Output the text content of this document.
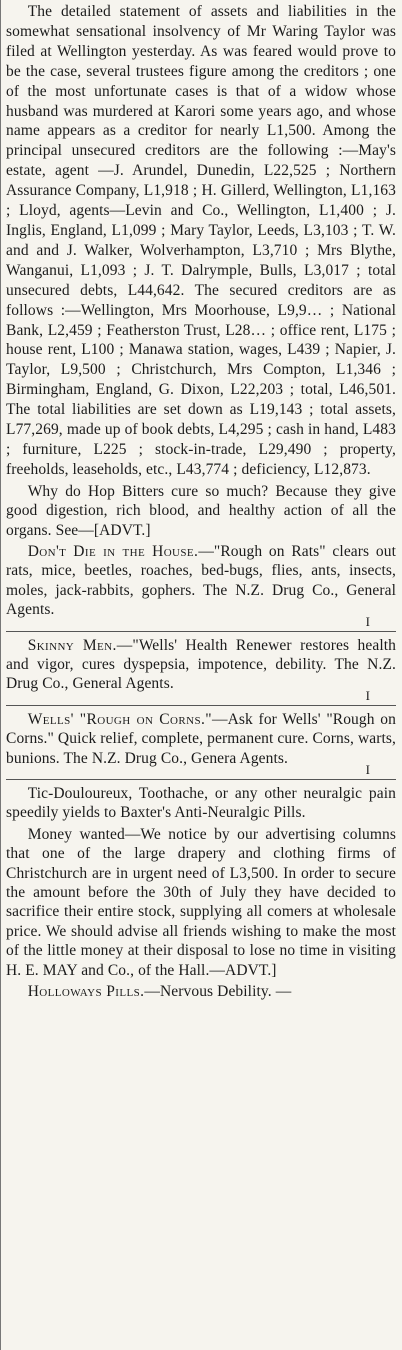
The detailed statement of assets and liabilities in the somewhat sensational insolvency of Mr Waring Taylor was filed at Wellington yesterday. As was feared would prove to be the case, several trustees figure among the creditors ; one of the most unfortunate cases is that of a widow whose husband was murdered at Karori some years ago, and whose name appears as a creditor for nearly L1,500. Among the principal unsecured creditors are the following :—May's estate, agent —J. Arundel, Dunedin, L22,525 ; Northern Assurance Company, L1,918 ; H. Gillerd, Wellington, L1,163 ; Lloyd, agents—Levin and Co., Wellington, L1,400 ; J. Inglis, England, L1,099 ; Mary Taylor, Leeds, L3,103 ; T. W. and and J. Walker, Wolverhampton, L3,710 ; Mrs Blythe, Wanganui, L1,093 ; J. T. Dalrymple, Bulls, L3,017 ; total unsecured debts, L44,642. The secured creditors are as follows :—Wellington, Mrs Moorhouse, L9,9… ; National Bank, L2,459 ; Featherston Trust, L28… ; office rent, L175 ; house rent, L100 ; Manawa station, wages, L439 ; Napier, J. Taylor, L9,500 ; Christchurch, Mrs Compton, L1,346 ; Birmingham, England, G. Dixon, L22,203 ; total, L46,501. The total liabilities are set down as L19,143 ; total assets, L77,269, made up of book debts, L4,295 ; cash in hand, L483 ; furniture, L225 ; stock-in-trade, L29,490 ; property, freeholds, leaseholds, etc., L43,774 ; deficiency, L12,873.

Why do Hop Bitters cure so much? Because they give good digestion, rich blood, and healthy action of all the organs. See—[ADVT.]

Don't Die in the House.—"Rough on Rats" clears out rats, mice, beetles, roaches, bed-bugs, flies, ants, insects, moles, jack-rabbits, gophers. The N.Z. Drug Co., General Agents.

I

Skinny Men.—"Wells' Health Renewer restores health and vigor, cures dyspepsia, impotence, debility. The N.Z. Drug Co., General Agents.

I

Wells' "Rough on Corns."—Ask for Wells' "Rough on Corns." Quick relief, complete, permanent cure. Corns, warts, bunions. The N.Z. Drug Co., Genera Agents.

I

Tic-Douloureux, Toothache, or any other neuralgic pain speedily yields to Baxter's Anti-Neuralgic Pills.

Money wanted—We notice by our advertising columns that one of the large drapery and clothing firms of Christchurch are in urgent need of L3,500. In order to secure the amount before the 30th of July they have decided to sacrifice their entire stock, supplying all comers at wholesale price. We should advise all friends wishing to make the most of the little money at their disposal to lose no time in visiting H. E. MAY and Co., of the Hall.—ADVT.]

Holloways Pills.—Nervous Debility. —
